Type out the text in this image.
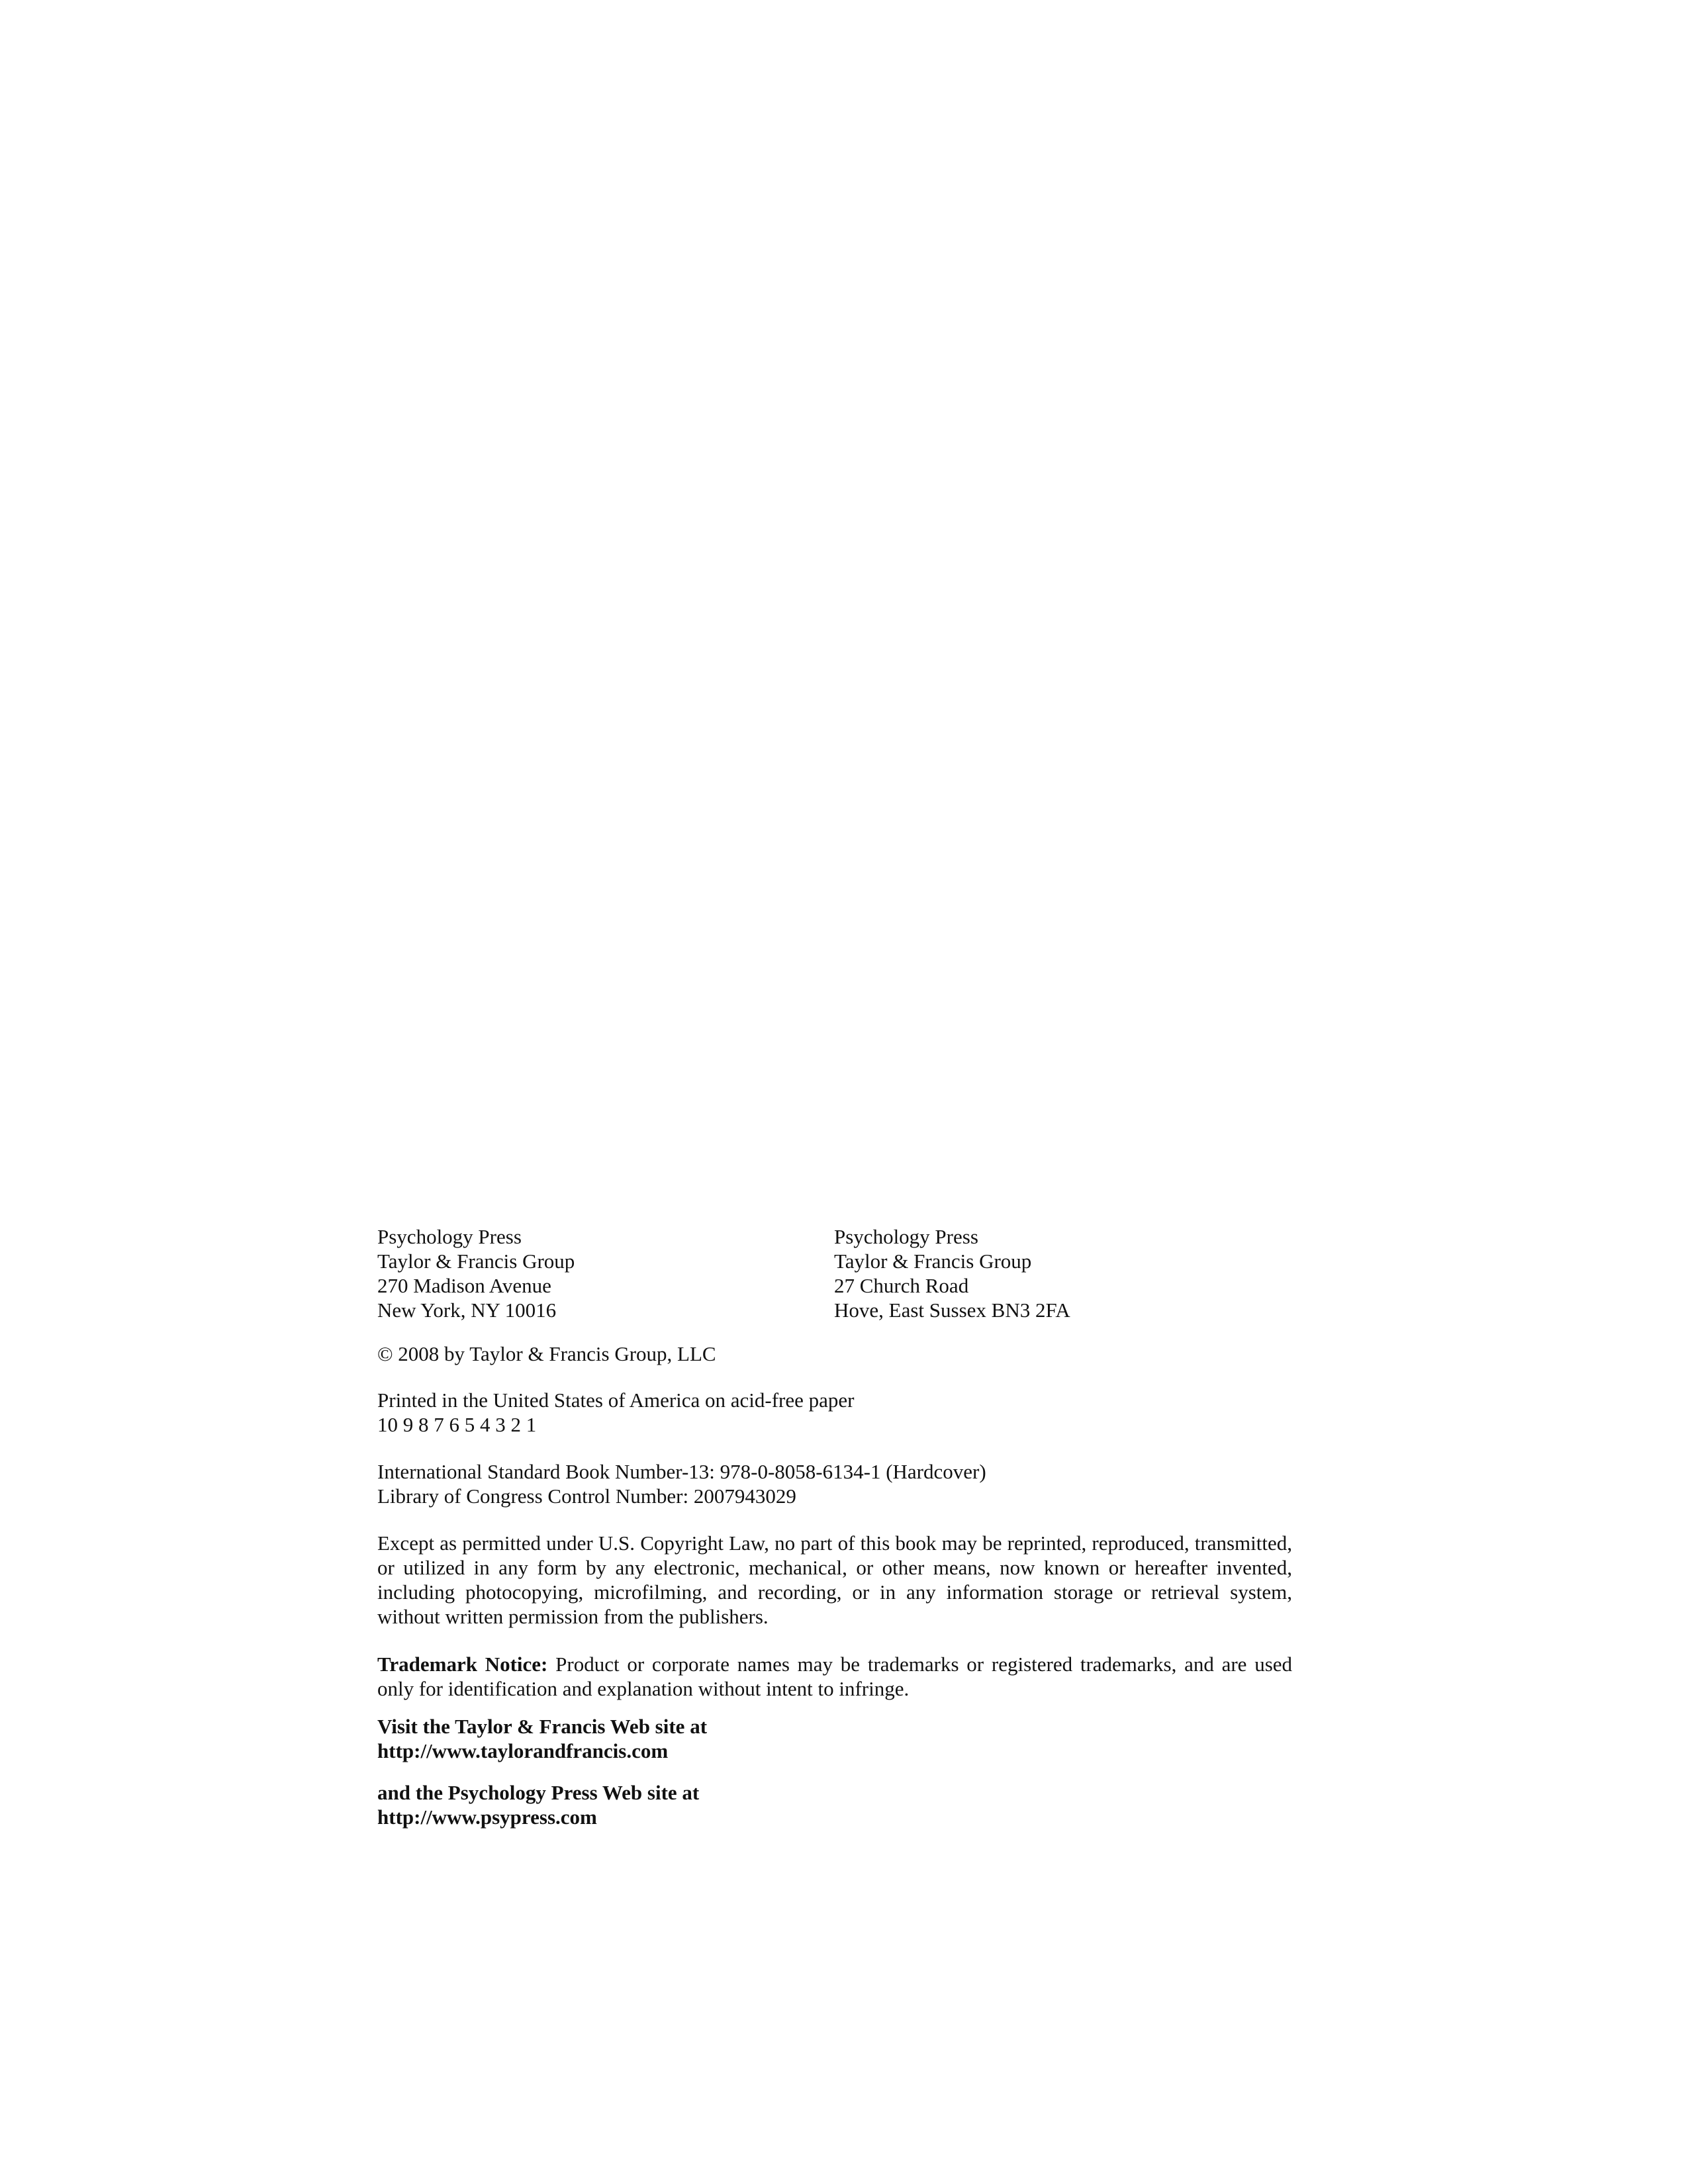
Psychology Press
Taylor & Francis Group
270 Madison Avenue
New York, NY 10016
Psychology Press
Taylor & Francis Group
27 Church Road
Hove, East Sussex BN3 2FA
© 2008 by Taylor & Francis Group, LLC
Printed in the United States of America on acid-free paper
10 9 8 7 6 5 4 3 2 1
International Standard Book Number-13: 978-0-8058-6134-1 (Hardcover)
Library of Congress Control Number: 2007943029
Except as permitted under U.S. Copyright Law, no part of this book may be reprinted, reproduced, transmitted, or utilized in any form by any electronic, mechanical, or other means, now known or hereafter invented, including photocopying, microfilming, and recording, or in any information storage or retrieval system, without written permission from the publishers.
Trademark Notice: Product or corporate names may be trademarks or registered trademarks, and are used only for identification and explanation without intent to infringe.
Visit the Taylor & Francis Web site at
http://www.taylorandfrancis.com
and the Psychology Press Web site at
http://www.psypress.com
